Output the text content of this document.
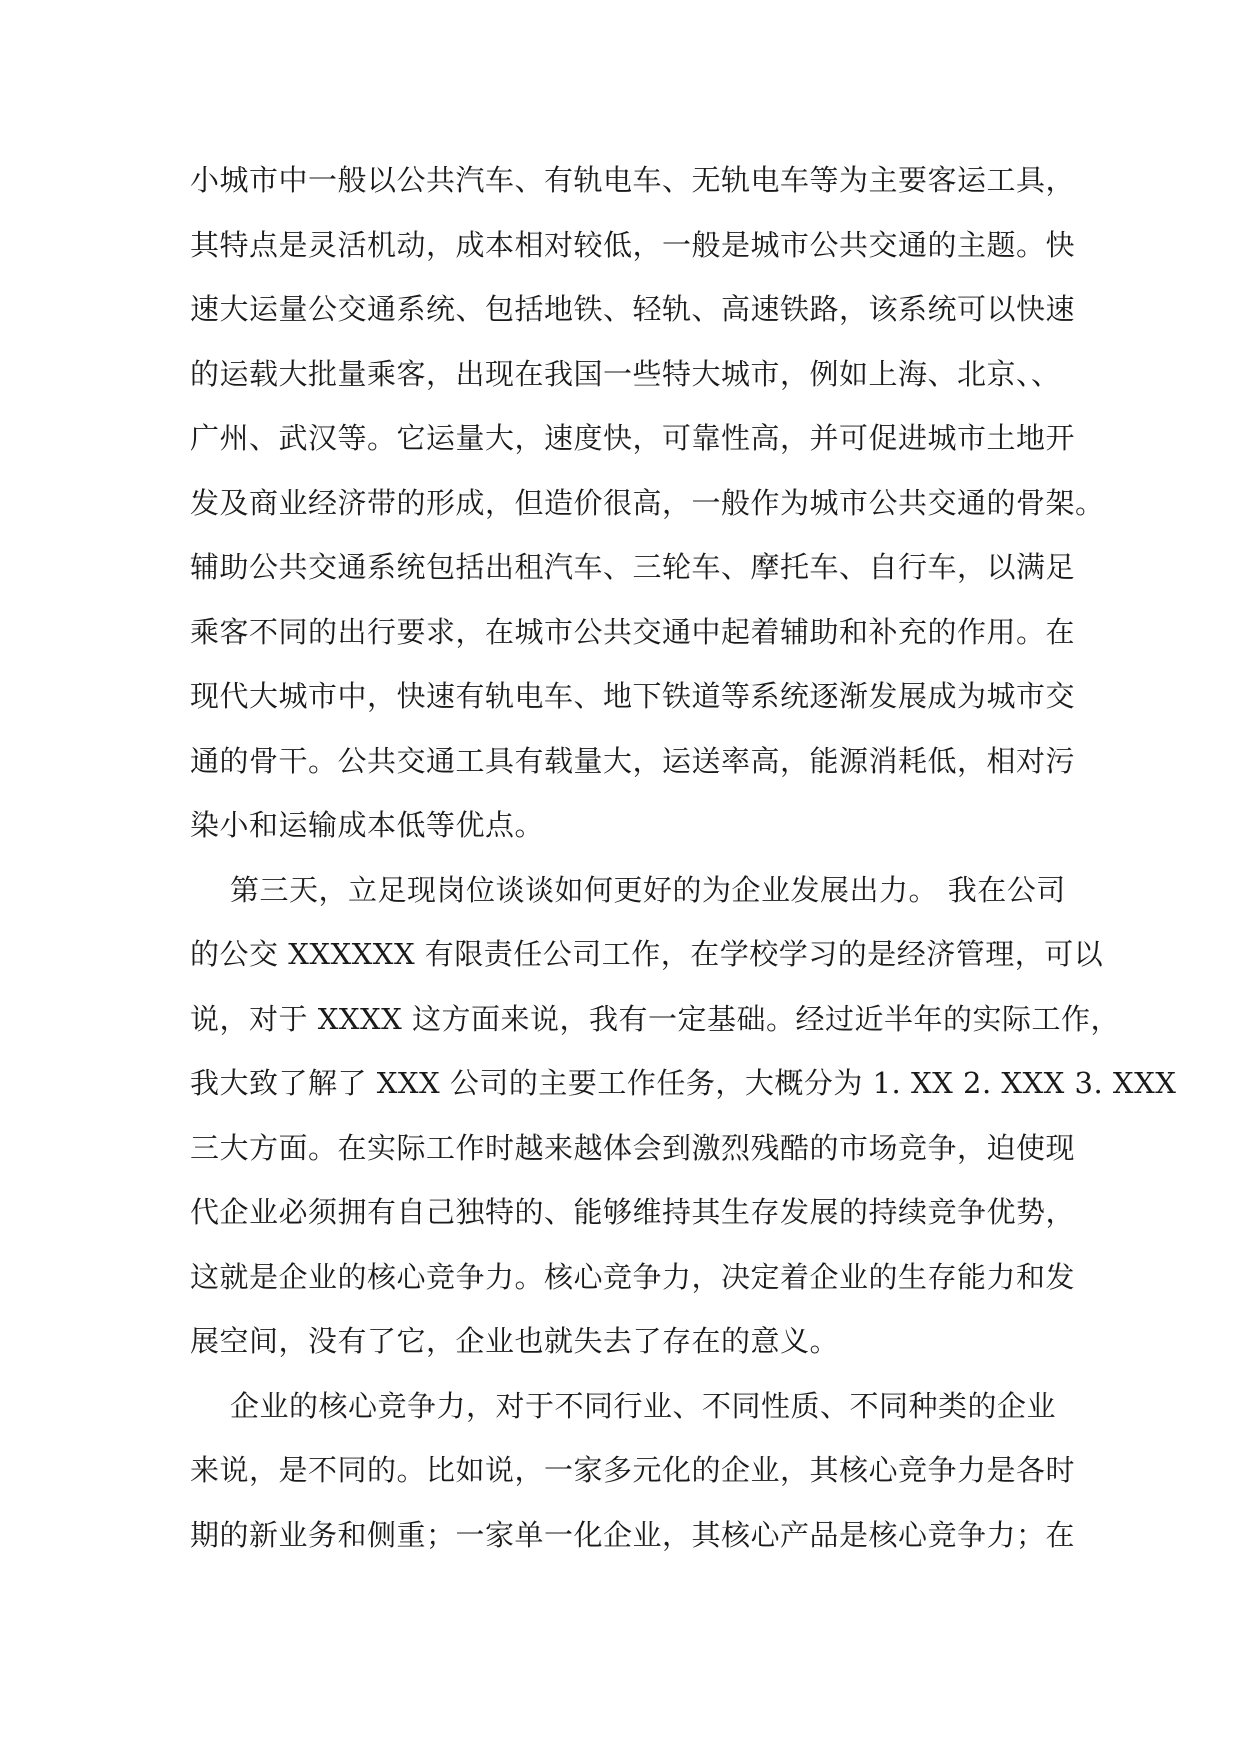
小城市中一般以公共汽车、有轨电车、无轨电车等为主要客运工具，
其特点是灵活机动，成本相对较低，一般是城市公共交通的主题。快
速大运量公交通系统、包括地铁、轻轨、高速铁路，该系统可以快速
的运载大批量乘客，出现在我国一些特大城市，例如上海、北京、、
广州、武汉等。它运量大，速度快，可靠性高，并可促进城市土地开
发及商业经济带的形成，但造价很高，一般作为城市公共交通的骨架。
辅助公共交通系统包括出租汽车、三轮车、摩托车、自行车，以满足
乘客不同的出行要求，在城市公共交通中起着辅助和补充的作用。在
现代大城市中，快速有轨电车、地下铁道等系统逐渐发展成为城市交
通的骨干。公共交通工具有载量大，运送率高，能源消耗低，相对污
染小和运输成本低等优点。
第三天，立足现岗位谈谈如何更好的为企业发展出力。 我在公司
的公交 XXXXXX 有限责任公司工作，在学校学习的是经济管理，可以
说，对于 XXXX 这方面来说，我有一定基础。经过近半年的实际工作，
我大致了解了 XXX 公司的主要工作任务，大概分为 1. XX 2. XXX 3. XXX
三大方面。在实际工作时越来越体会到激烈残酷的市场竞争，迫使现
代企业必须拥有自己独特的、能够维持其生存发展的持续竞争优势，
这就是企业的核心竞争力。核心竞争力，决定着企业的生存能力和发
展空间，没有了它，企业也就失去了存在的意义。
企业的核心竞争力，对于不同行业、不同性质、不同种类的企业
来说，是不同的。比如说，一家多元化的企业，其核心竞争力是各时
期的新业务和侧重；一家单一化企业，其核心产品是核心竞争力；在
